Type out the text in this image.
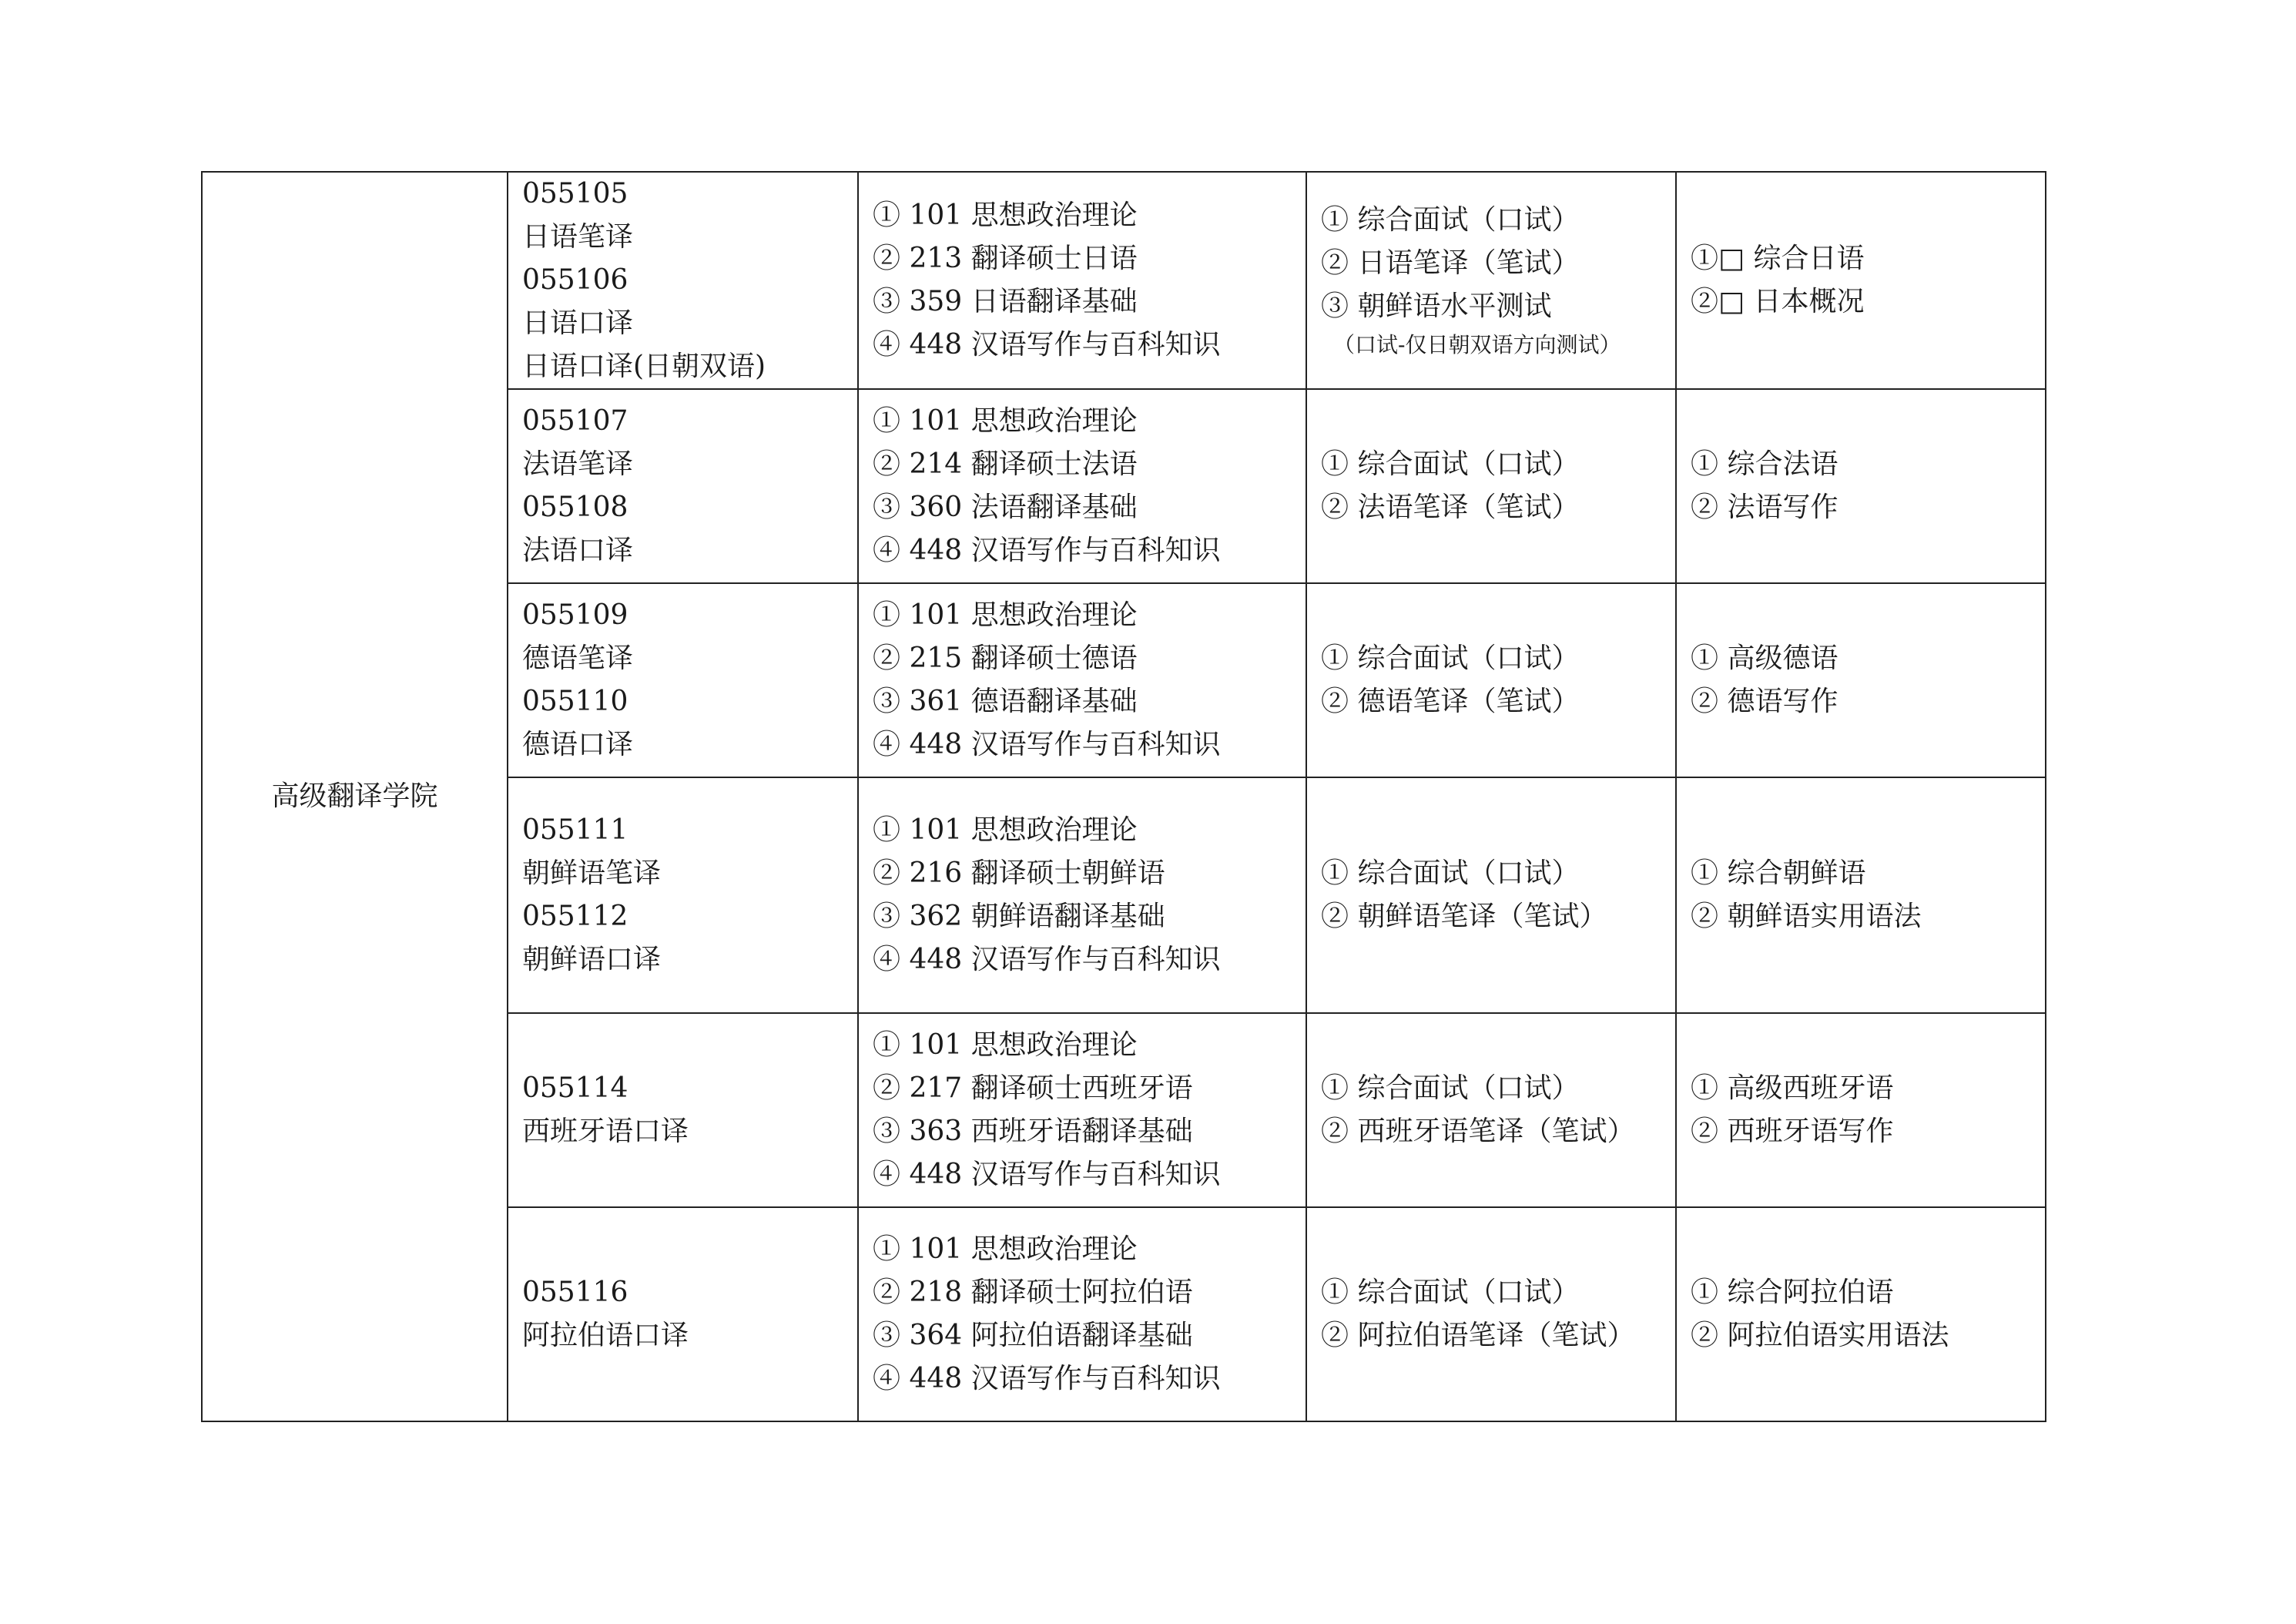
高级翻译学院	055105
日语笔译
055106
日语口译
日语口译(日朝双语)	① 101 思想政治理论
② 213 翻译硕士日语
③ 359 日语翻译基础
④ 448 汉语写作与百科知识	① 综合面试（口试）
② 日语笔译（笔试）
③ 朝鲜语水平测试
（口试-仅日朝双语方向测试）	①□ 综合日语
②□ 日本概况

	055107
法语笔译
055108
法语口译	① 101 思想政治理论
② 214 翻译硕士法语
③ 360 法语翻译基础
④ 448 汉语写作与百科知识	① 综合面试（口试）
② 法语笔译（笔试）	① 综合法语
② 法语写作

	055109
德语笔译
055110
德语口译	① 101 思想政治理论
② 215 翻译硕士德语
③ 361 德语翻译基础
④ 448 汉语写作与百科知识	① 综合面试（口试）
② 德语笔译（笔试）	① 高级德语
② 德语写作

	055111
朝鲜语笔译
055112
朝鲜语口译	① 101 思想政治理论
② 216 翻译硕士朝鲜语
③ 362 朝鲜语翻译基础
④ 448 汉语写作与百科知识	① 综合面试（口试）
② 朝鲜语笔译（笔试）	① 综合朝鲜语
② 朝鲜语实用语法

	055114
西班牙语口译	① 101 思想政治理论
② 217 翻译硕士西班牙语
③ 363 西班牙语翻译基础
④ 448 汉语写作与百科知识	① 综合面试（口试）
② 西班牙语笔译（笔试）	① 高级西班牙语
② 西班牙语写作

	055116
阿拉伯语口译	① 101 思想政治理论
② 218 翻译硕士阿拉伯语
③ 364 阿拉伯语翻译基础
④ 448 汉语写作与百科知识	① 综合面试（口试）
② 阿拉伯语笔译（笔试）	① 综合阿拉伯语
② 阿拉伯语实用语法
